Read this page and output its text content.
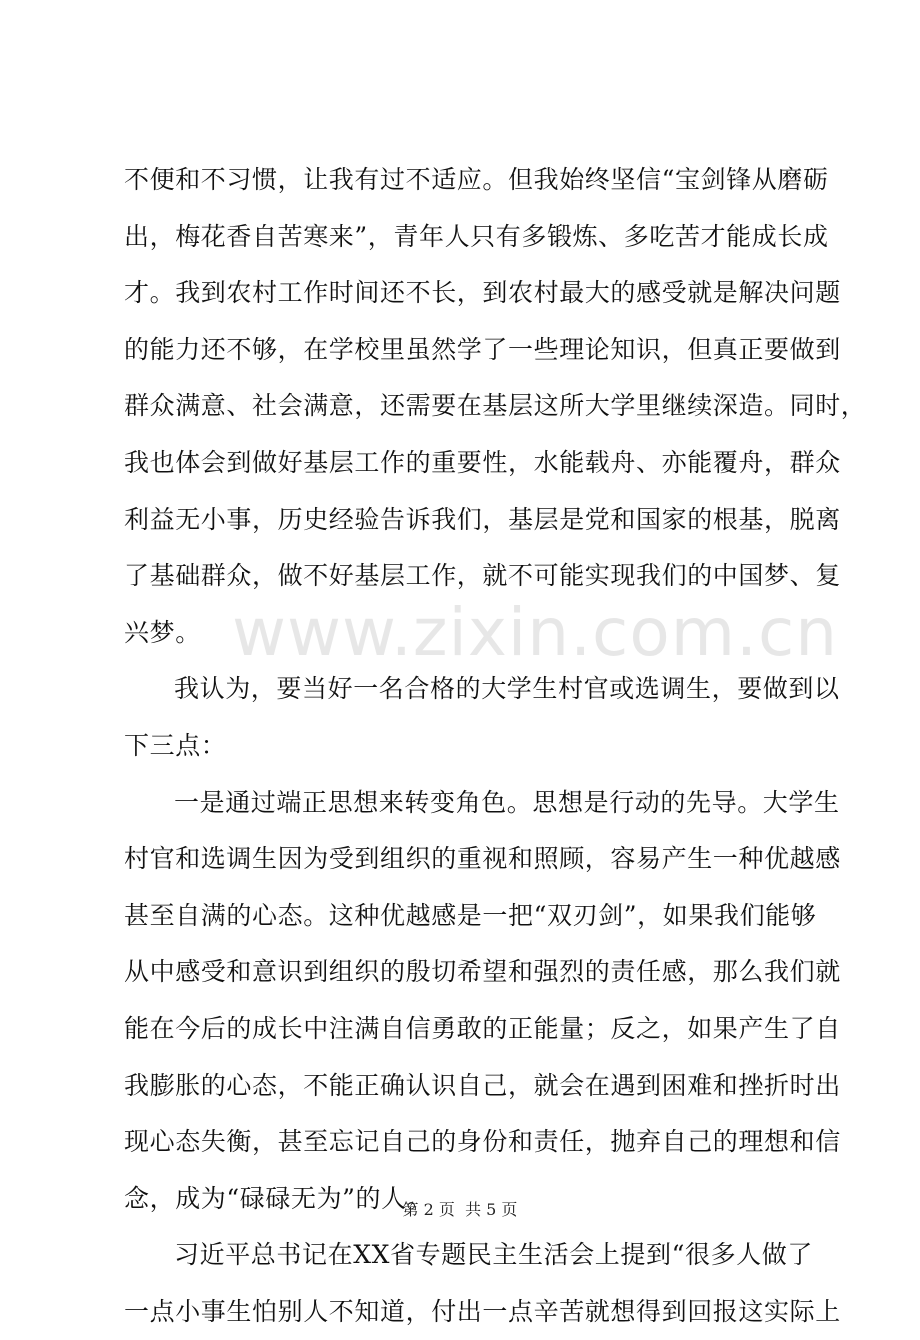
www.zixin.com.cn
不便和不习惯，让我有过不适应。但我始终坚信“宝剑锋从磨砺
出，梅花香自苦寒来”，青年人只有多锻炼、多吃苦才能成长成
才。我到农村工作时间还不长，到农村最大的感受就是解决问题
的能力还不够，在学校里虽然学了一些理论知识，但真正要做到
群众满意、社会满意，还需要在基层这所大学里继续深造。同时，
我也体会到做好基层工作的重要性，水能载舟、亦能覆舟，群众
利益无小事，历史经验告诉我们，基层是党和国家的根基，脱离
了基础群众，做不好基层工作，就不可能实现我们的中国梦、复
兴梦。
我认为，要当好一名合格的大学生村官或选调生，要做到以
下三点：
一是通过端正思想来转变角色。思想是行动的先导。大学生
村官和选调生因为受到组织的重视和照顾，容易产生一种优越感
甚至自满的心态。这种优越感是一把“双刃剑”，如果我们能够
从中感受和意识到组织的殷切希望和强烈的责任感，那么我们就
能在今后的成长中注满自信勇敢的正能量；反之，如果产生了自
我膨胀的心态，不能正确认识自己，就会在遇到困难和挫折时出
现心态失衡，甚至忘记自己的身份和责任，抛弃自己的理想和信
念，成为“碌碌无为”的人。
习近平总书记在XX省专题民主生活会上提到“很多人做了
一点小事生怕别人不知道，付出一点辛苦就想得到回报这实际上
第 2 页  共 5 页
